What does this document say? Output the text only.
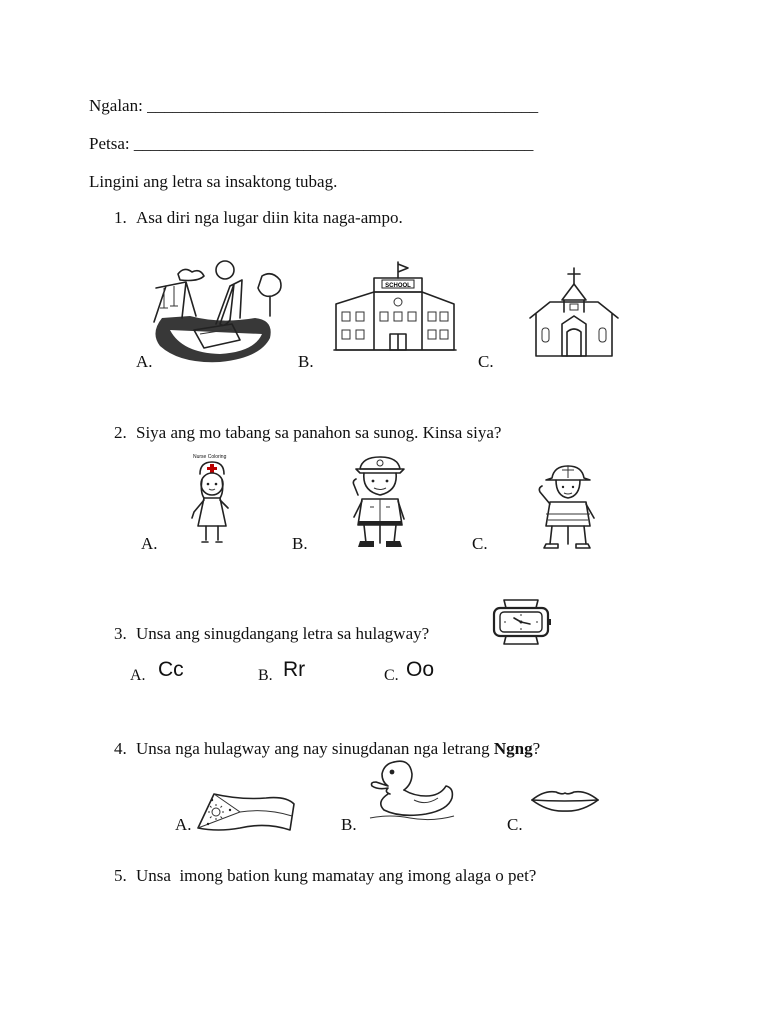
Ngalan: ______________________________________________
Petsa: _______________________________________________
Lingini ang letra sa insaktong tubag.
1. Asa diri nga lugar diin kita naga-ampo.
A.
SCHOOL
B.	C.
2. Siya ang mo tabang sa panahon sa sunog. Kinsa siya?
Nurse Coloring
A.	B.	C.
3. Unsa ang sinugdangang letra sa hulagway?
A. Cc	B. Rr	C. Oo
4. Unsa nga hulagway ang nay sinugdanan nga letrang Ngng?
A.	B.	C.
5. Unsa  imong bation kung mamatay ang imong alaga o pet?
